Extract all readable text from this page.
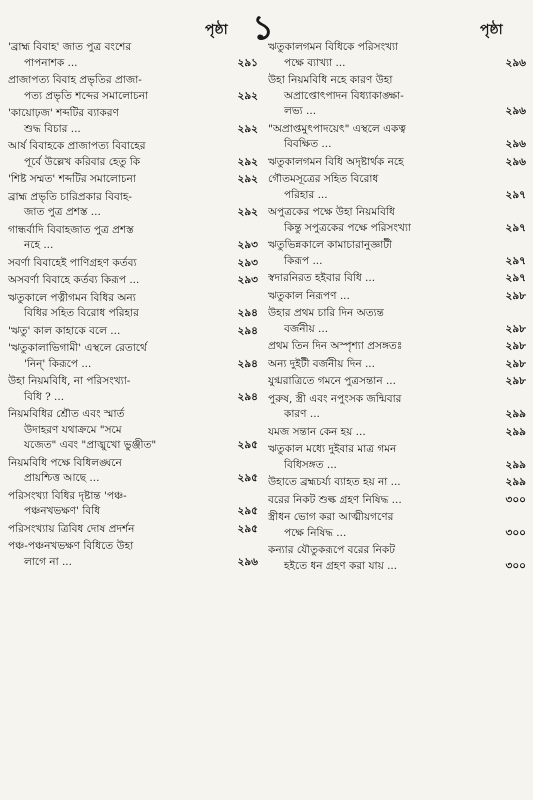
পৃষ্ঠা ১	পৃষ্ঠা
'ব্রাহ্ম বিবাহ' জাত পুত্র বংশের
পাপনাশক ...	২৯১
প্রাজাপত্য বিবাহ প্রভৃতির প্রাজা-
পত্য প্রভৃতি শব্দের সমালোচনা	২৯২
'কায়োঢ়জ' শব্দটির ব্যাকরণ
শুদ্ধ বিচার ...	২৯২
আর্ষ বিবাহকে প্রাজাপত্য বিবাহের
পূর্বে উল্লেখ করিবার হেতু কি	২৯২
'শিষ্ট সম্মত' শব্দটির সমালোচনা	২৯২
ব্রাহ্ম প্রভৃতি চারিপ্রকার বিবাহ-
জাত পুত্র প্রশস্ত ...	২৯২
গান্ধর্বাদি বিবাহজাত পুত্র প্রশস্ত
নহে ...	২৯৩
সবর্ণা বিবাহেই পাণিগ্রহণ কর্তব্য	২৯৩
অসবর্ণা বিবাহে কর্তব্য কিরূপ ...	২৯৩
ঋতুকালে পত্নীগমন বিধির অন্য
বিধির সহিত বিরোধ পরিহার	২৯৪
'ঋতু' কাল কাহাকে বলে ...	২৯৪
'ঋতুকালাভিগামী' এস্থলে রেতার্থে
'নিন্' কিরূপে ...	২৯৪
উহা নিয়মবিধি, না পরিসংখ্যা-
বিধি ? ...	২৯৪
নিয়মবিধির শ্রৌত এবং স্মার্ত
উদাহরণ যথাক্রমে "সমে
যজেত" এবং "প্রাঙ্মুখো ভুঞ্জীত"	২৯৫
নিয়মবিধি পক্ষে বিধিলঙ্ঘনে
প্রায়শ্চিত্ত আছে ...	২৯৫
পরিসংখ্যা বিধির দৃষ্টান্ত 'পঞ্চ-
পঞ্চনখভক্ষণ' বিধি	২৯৫
পরিসংখ্যায় ত্রিবিধ দোষ প্রদর্শন	২৯৫
পঞ্চ-পঞ্চনখভক্ষণ বিধিতে উহা
লাগে না ...	২৯৬
ঋতুকালগমন বিধিকে পরিসংখ্যা
পক্ষে ব্যাখ্যা ...	২৯৬
উহা নিয়মবিধি নহে কারণ উহা
অপ্রাপ্তোৎপাদন বিধ্যাকাঙ্ক্ষা-
লভ্য ...	২৯৬
"অপ্রাপ্তমুৎপাদয়েৎ" এস্থলে একত্ব
বিবক্ষিত ...	২৯৬
ঋতুকালগমন বিধি অদৃষ্টার্থক নহে	২৯৬
গৌতমসূত্রের সহিত বিরোধ
পরিহার ...	২৯৭
অপুত্রকের পক্ষে উহা নিয়মবিধি
কিন্তু সপুত্রকের পক্ষে পরিসংখ্যা	২৯৭
ঋতুভিন্নকালে কামাচারানুজ্ঞাটী
কিরূপ ...	২৯৭
স্বদারনিরত হইবার বিধি ...	২৯৭
ঋতুকাল নিরূপণ ...	২৯৮
উহার প্রথম চারি দিন অত্যন্ত
বর্জনীয় ...	২৯৮
প্রথম তিন দিন অস্পৃশ্যা প্রসঙ্গতঃ	২৯৮
অন্য দুইটী বর্জনীয় দিন ...	২৯৮
যুগ্মরাত্রিতে গমনে পুত্রসন্তান ...	২৯৮
পুরুষ, স্ত্রী এবং নপুংসক জন্মিবার
কারণ ...	২৯৯
যমজ সন্তান কেন হয় ...	২৯৯
ঋতুকাল মধ্যে দুইবার মাত্র গমন
বিধিসঙ্গত ...	২৯৯
উহাতে ব্রহ্মচর্য্য ব্যাহত হয় না ...	২৯৯
বরের নিকট শুল্ক গ্রহণ নিষিদ্ধ ...	৩০০
স্ত্রীধন ভোগ করা আত্মীয়গণের
পক্ষে নিষিদ্ধ ...	৩০০
কন্যার যৌতুকরূপে বরের নিকট
হইতে ধন গ্রহণ করা যায় ...	৩০০
